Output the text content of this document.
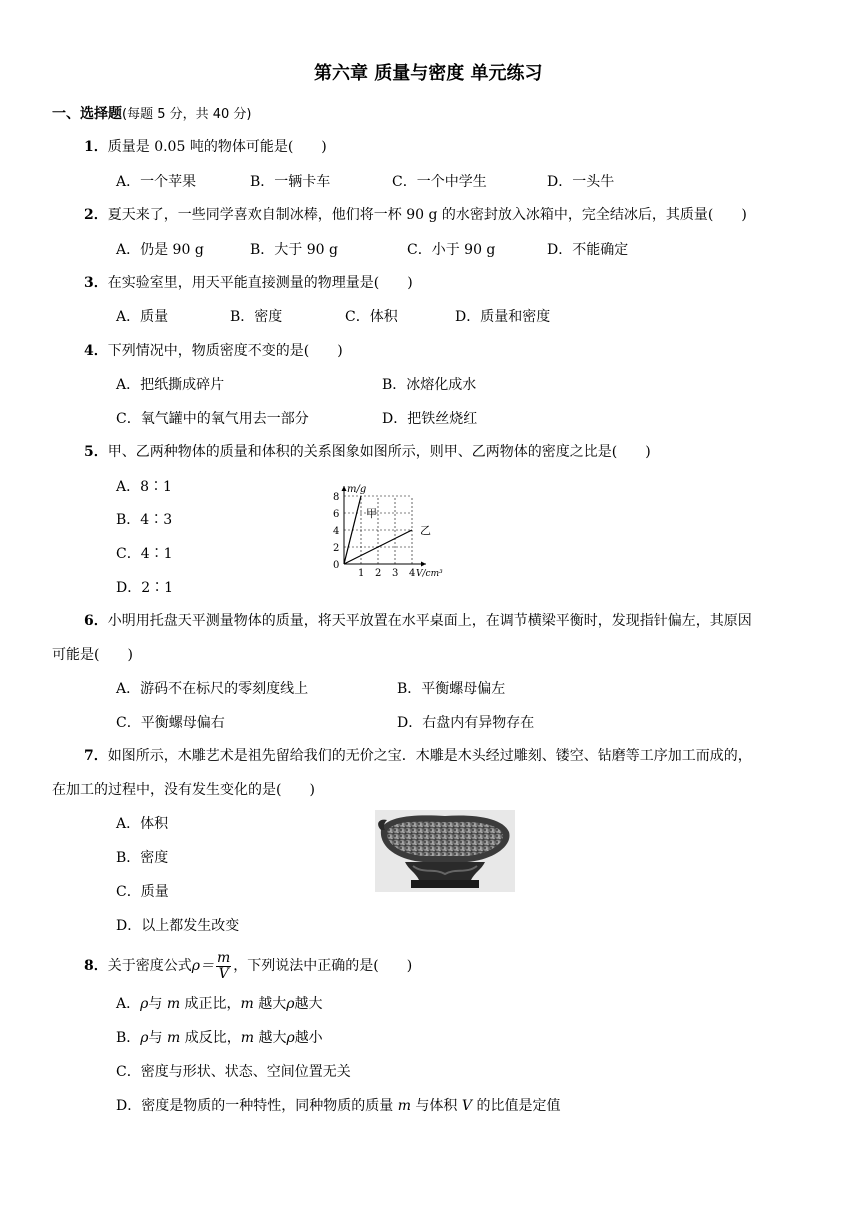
第六章 质量与密度 单元练习
一、选择题(每题 5 分，共 40 分)
1．质量是 0.05 吨的物体可能是(　　)
A．一个苹果	B．一辆卡车	C．一个中学生	D．一头牛
2．夏天来了，一些同学喜欢自制冰棒，他们将一杯 90 g 的水密封放入冰箱中，完全结冰后，其质量(　　)
A．仍是 90 g	B．大于 90 g	C．小于 90 g	D．不能确定
3．在实验室里，用天平能直接测量的物理量是(　　)
A．质量	B．密度	C．体积	D．质量和密度
4．下列情况中，物质密度不变的是(　　)
A．把纸撕成碎片	B．冰熔化成水
C．氧气罐中的氧气用去一部分	D．把铁丝烧红
5．甲、乙两种物体的质量和体积的关系图象如图所示，则甲、乙两物体的密度之比是(　　)
A．8∶1
B．4∶3
C．4∶1
D．2∶1
甲
乙
8
6
4
2
0
1 2 3 4
m/g
V/cm³
6．小明用托盘天平测量物体的质量，将天平放置在水平桌面上，在调节横梁平衡时，发现指针偏左，其原因
可能是(　　)
A．游码不在标尺的零刻度线上	B．平衡螺母偏左
C．平衡螺母偏右	D．右盘内有异物存在
7．如图所示，木雕艺术是祖先留给我们的无价之宝．木雕是木头经过雕刻、镂空、钻磨等工序加工而成的，
在加工的过程中，没有发生变化的是(　　)
A．体积
B．密度
C．质量
D．以上都发生改变
8．关于密度公式$\rho= \frac{m}{V}$ ，下列说法中正确的是(　　)
A．ρ与 m 成正比，m 越大ρ越大
B．ρ与 m 成反比，m 越大ρ越小
C．密度与形状、状态、空间位置无关
D．密度是物质的一种特性，同种物质的质量 m 与体积 V 的比值是定值
